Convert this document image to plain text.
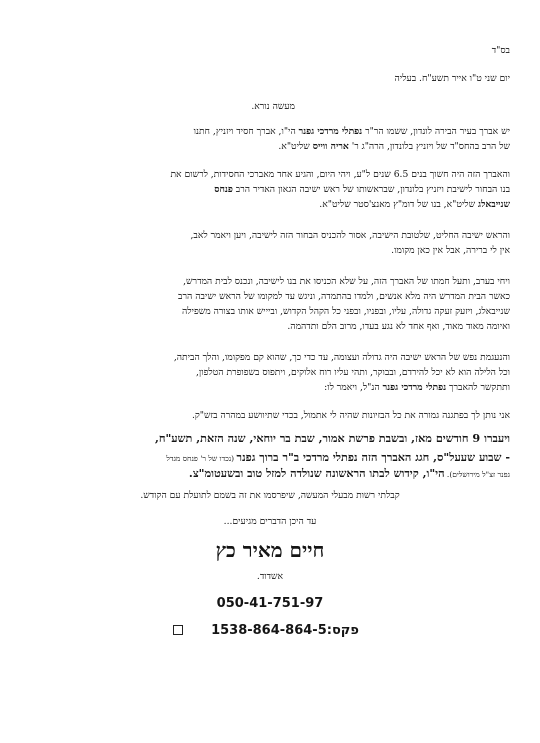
בס"ד
יום שני ט"ו אייר תשע"ח. בעליה
מעשה נורא.
יש אברך בעיר הבירה לונדון, ששמו הר"ר נפתלי מרדכי גפנר הי"ו, אברך חסיד ויזניץ, חתנו
של הרב בהחס"ד של ויזניץ בלונדון, הרה"ג ר' אריה ווייס שליט"א.
והאברך הזה היה חשוך בנים 6.5 שנים ל"ע, ויהי היום, והגיע אחד מאברכי החסידות, לרשום את
בנו הבחור לישיבת ויזניץ בלונדון, שבראשותו של ראש ישיבה הגאון האדיר הרב פנחס
שנייבאלג שליט"א, בנו של דומ"ץ מאנצ'סטר שליט"א.
והראש ישיבה החליט, שלטובת הישיבה, אסור להכניס הבחור הזה לישיבה, ויען ויאמר לאב,
אין לי ברירה, אבל אין כאן מקומו.
ויחי בערב, ותעל חמתו של האברך הזה, על שלא הכניסו את בנו לישיבה, ונכנס לבית המדרש,
כאשר הבית המדרש היה מלא אנשים, ולמדו בהתמדה, וניגש עד למקומו של הראש ישיבה הרב
שנייבאלג, ויזעק זעקה גדולה, עליו, ובפניו, ובפני כל הקהל הקדוש, וביייש אותו בצורה משפילה
ואיומה מאוד מאוד, ואף אחד לא נגע בעדו, מרוב הלם ותדהמה.
והנעגמת נפש של הראש ישיבה היה גדולה ועצומה, עד כדי כך, שהוא קם מפקומו, והלך הביתה,
וכל הלילה הוא לא יכל להירדם, ובבוקר, ותהי עליו רוח אלוקים, ויתפוס בשפופרת הטלפון,
ותתקשר להאברך נפתלי מרדכי גפנר הנ"ל, ויאמר לו:
אני נותן לך בפתגנה גמורה את כל הבזיונות שהיה לי אתמול, בכדי שתיוושע במהרה בזש"ק.
ויעברו 9 חודשים מאז, ובשבת פרשת אמור, שבת בר יוחאי, שנה הזאת, תשע"ח,
- שבוע שעעל"ס, חגג האברך הזה נפתלי מרדכי ב"ר ברוך גפנר (נכדו של ר' פנחס מגדל
גפנר זצ"ל מירושלים). הי"ו, קידוש לבתו הראשונה שנולדה למזל טוב ובשעטומ"צ.
קבלתי רשות מבעלי המעשה, שיפרסמו את זה בשמם לתועלת עם הקודש.
עד היכן הדברים מגיעים...
חיים מאיר כץ
אשדוד.
050-41-751-97
1538-864-864-5:פקס
